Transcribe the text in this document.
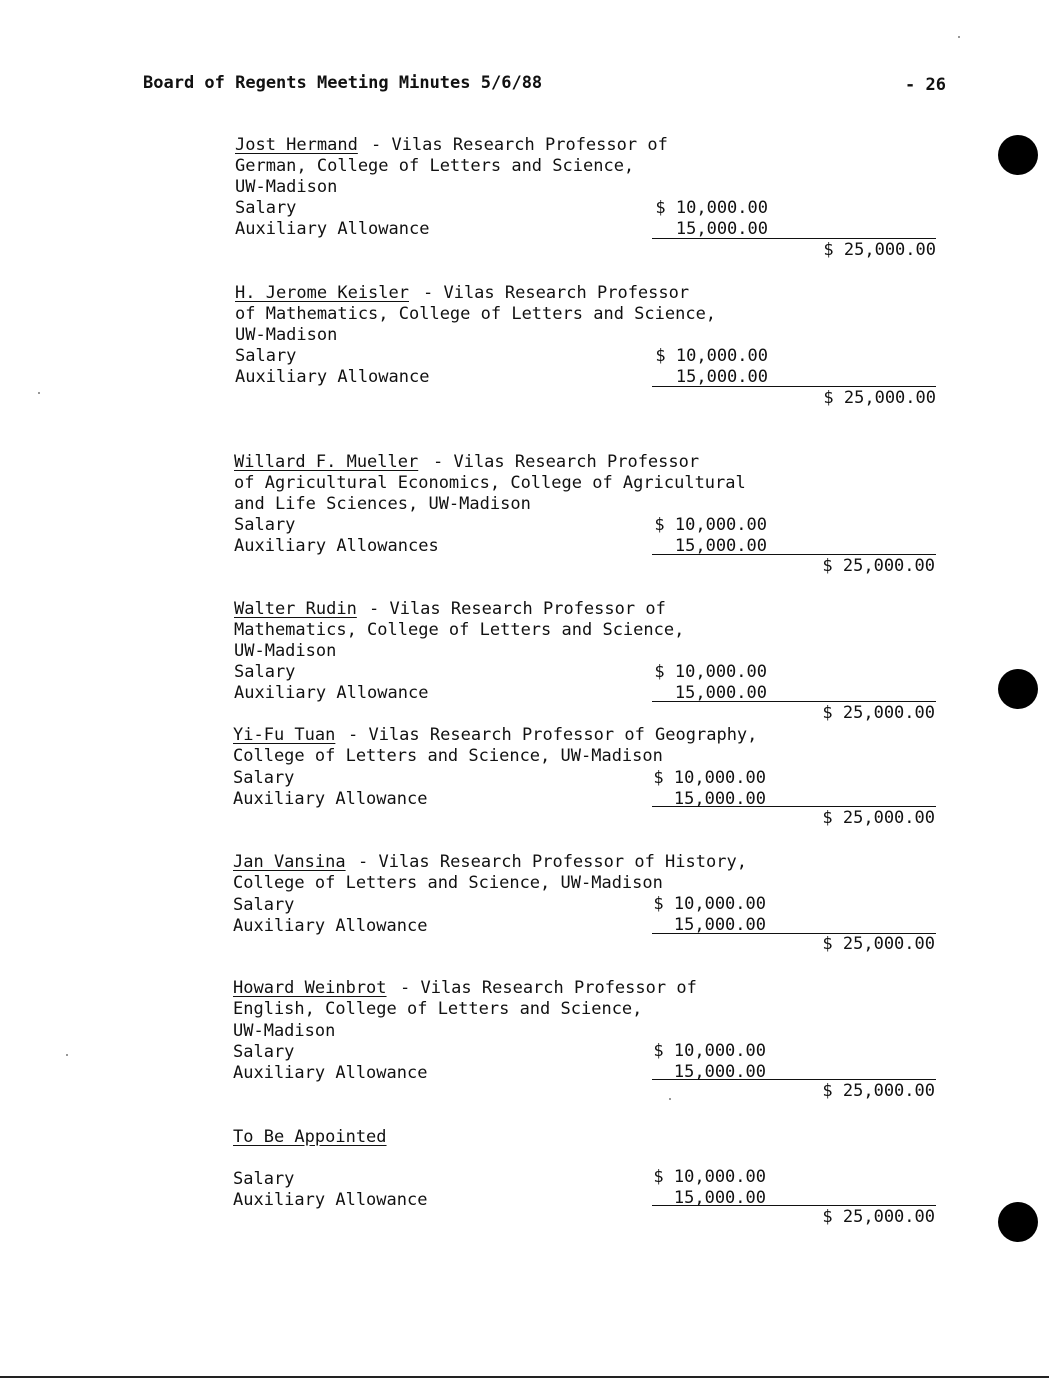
Board of Regents Meeting Minutes 5/6/88	- 26
Jost Hermand - Vilas Research Professor of
German, College of Letters and Science,
UW-Madison
Salary	$ 10,000.00
Auxiliary Allowance	15,000.00
$ 25,000.00
H. Jerome Keisler - Vilas Research Professor
of Mathematics, College of Letters and Science,
UW-Madison
Salary	$ 10,000.00
Auxiliary Allowance	15,000.00
$ 25,000.00
Willard F. Mueller - Vilas Research Professor
of Agricultural Economics, College of Agricultural
and Life Sciences, UW-Madison
Salary	$ 10,000.00
Auxiliary Allowances	15,000.00
$ 25,000.00
Walter Rudin - Vilas Research Professor of
Mathematics, College of Letters and Science,
UW-Madison
Salary	$ 10,000.00
Auxiliary Allowance	15,000.00
$ 25,000.00
Yi-Fu Tuan - Vilas Research Professor of Geography,
College of Letters and Science, UW-Madison
Salary	$ 10,000.00
Auxiliary Allowance	15,000.00
$ 25,000.00
Jan Vansina - Vilas Research Professor of History,
College of Letters and Science, UW-Madison
Salary	$ 10,000.00
Auxiliary Allowance	15,000.00
$ 25,000.00
Howard Weinbrot - Vilas Research Professor of
English, College of Letters and Science,
UW-Madison
Salary	$ 10,000.00
Auxiliary Allowance	15,000.00
$ 25,000.00
To Be Appointed
Salary	$ 10,000.00
Auxiliary Allowance	15,000.00
$ 25,000.00
